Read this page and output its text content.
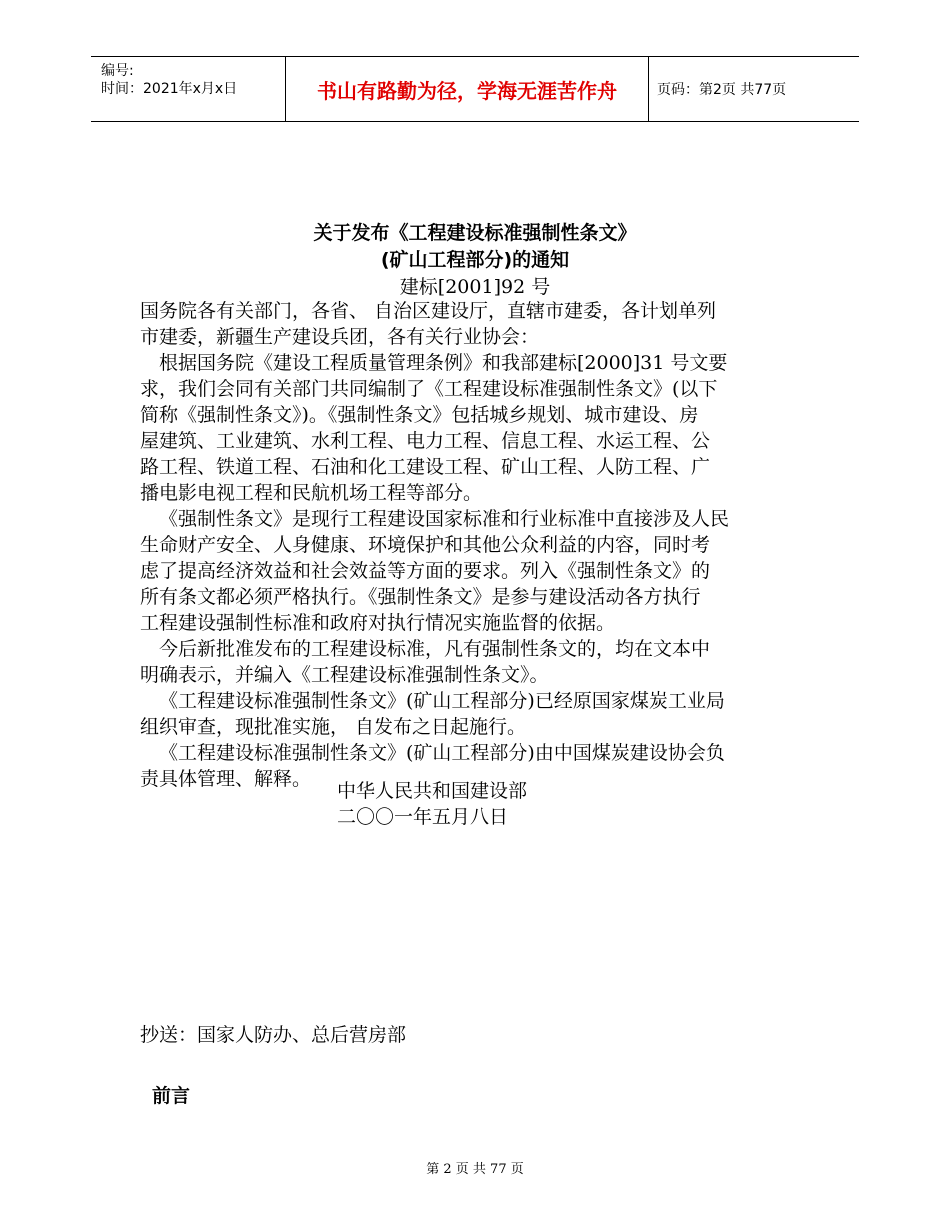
编号:
时间：2021年x月x日	书山有路勤为径，学海无涯苦作舟	页码：第2页 共77页
关于发布《工程建设标准强制性条文》
(矿山工程部分)的通知
建标[2001]92 号
国务院各有关部门，各省、 自治区建设厅，直辖市建委，各计划单列
市建委，新疆生产建设兵团，各有关行业协会：
根据国务院《建设工程质量管理条例》和我部建标[2000]31 号文要
求，我们会同有关部门共同编制了《工程建设标准强制性条文》(以下
简称《强制性条文》)。《强制性条文》包括城乡规划、城市建设、房
屋建筑、工业建筑、水利工程、电力工程、信息工程、水运工程、公
路工程、铁道工程、石油和化工建设工程、矿山工程、人防工程、广
播电影电视工程和民航机场工程等部分。
《强制性条文》是现行工程建设国家标准和行业标准中直接涉及人民
生命财产安全、人身健康、环境保护和其他公众利益的内容，同时考
虑了提高经济效益和社会效益等方面的要求。列入《强制性条文》的
所有条文都必须严格执行。《强制性条文》是参与建设活动各方执行
工程建设强制性标准和政府对执行情况实施监督的依据。
今后新批准发布的工程建设标准，凡有强制性条文的，均在文本中
明确表示，并编入《工程建设标准强制性条文》。
《工程建设标准强制性条文》(矿山工程部分)已经原国家煤炭工业局
组织审查，现批准实施， 自发布之日起施行。
《工程建设标准强制性条文》(矿山工程部分)由中国煤炭建设协会负
责具体管理、解释。
中华人民共和国建设部
二〇〇一年五月八日
抄送：国家人防办、总后营房部
前言
第 2 页 共 77 页
